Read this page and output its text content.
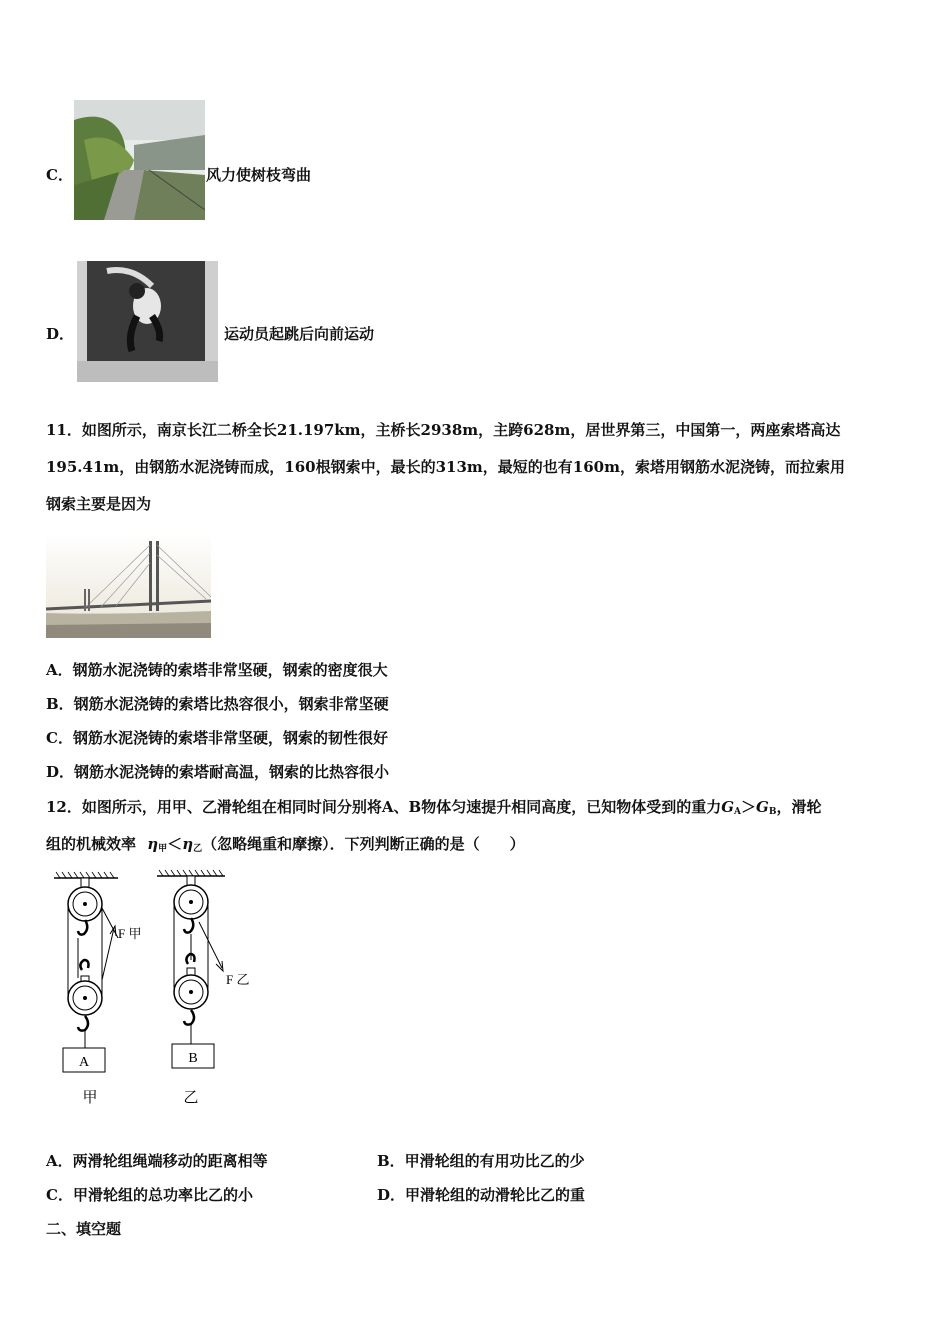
C．	风力使树枝弯曲
D．	运动员起跳后向前运动
11．如图所示，南京长江二桥全长21.197km，主桥长2938m，主跨628m，居世界第三，中国第一，两座索塔高达
195.41m，由钢筋水泥浇铸而成，160根钢索中，最长的313m，最短的也有160m，索塔用钢筋水泥浇铸，而拉索用
钢索主要是因为
A．钢筋水泥浇铸的索塔非常坚硬，钢索的密度很大
B．钢筋水泥浇铸的索塔比热容很小，钢索非常坚硬
C．钢筋水泥浇铸的索塔非常坚硬，钢索的韧性很好
D．钢筋水泥浇铸的索塔耐高温，钢索的比热容很小
12．如图所示，用甲、乙滑轮组在相同时间分别将A、B物体匀速提升相同高度，已知物体受到的重力$G_A>G_B$，滑轮
组的机械效率 $\eta_甲<\eta_乙$（忽略绳重和摩擦）．下列判断正确的是（　　）
A
F 甲
甲
B
F 乙
乙
A．两滑轮组绳端移动的距离相等	B．甲滑轮组的有用功比乙的少
C．甲滑轮组的总功率比乙的小	D．甲滑轮组的动滑轮比乙的重
二、填空题
